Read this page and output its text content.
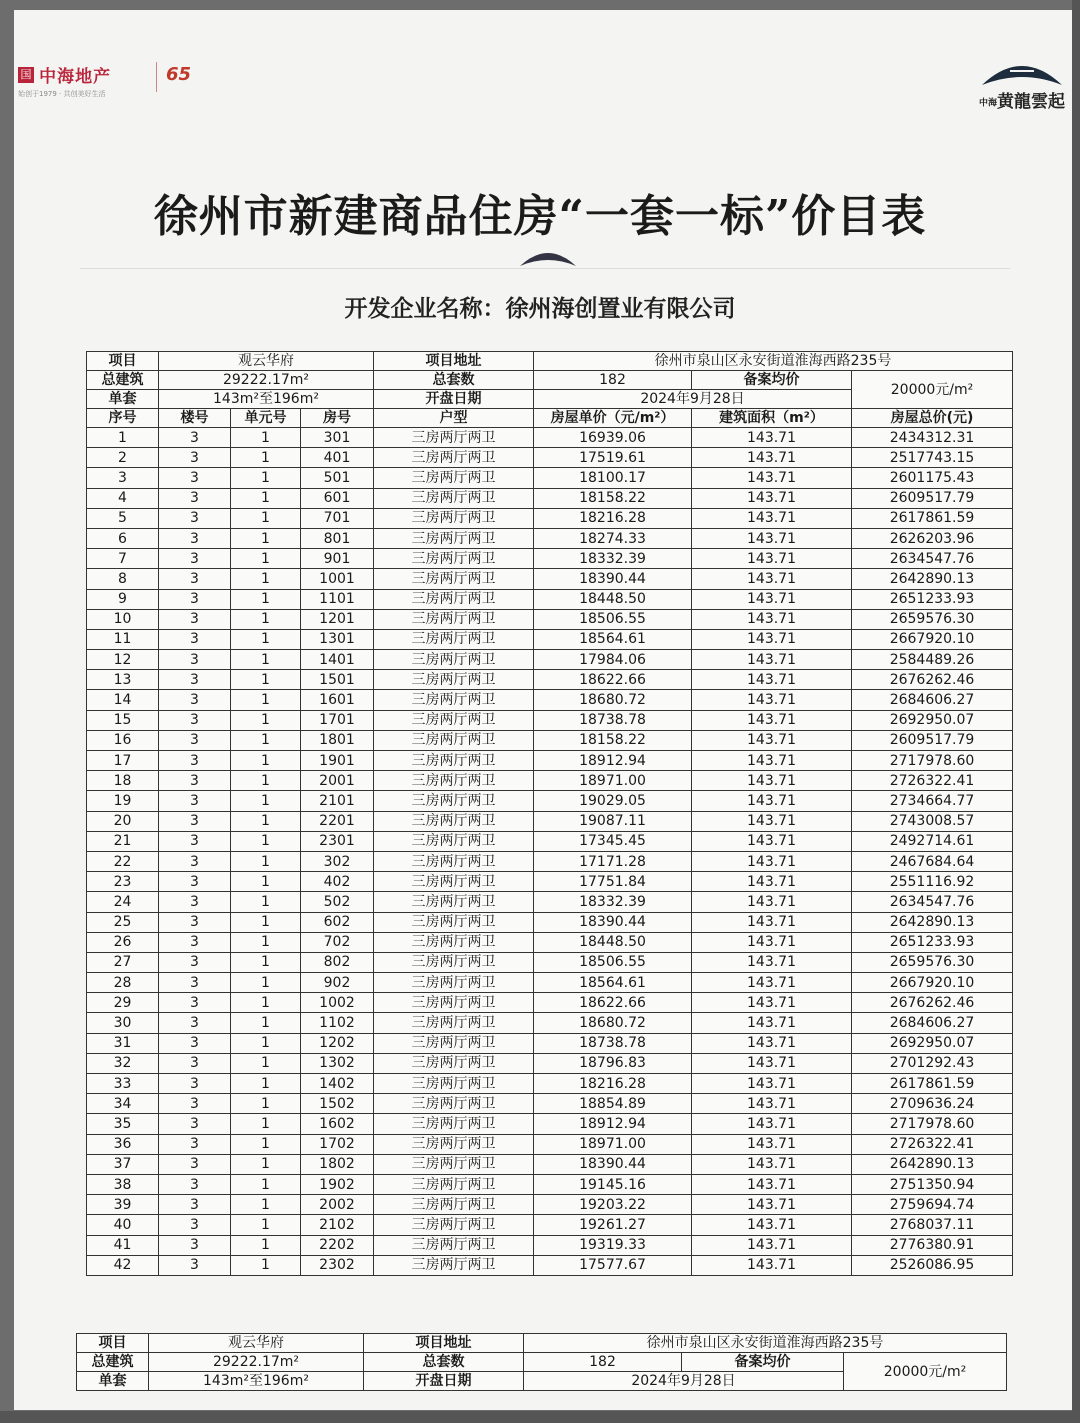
国 中海地产
始创于1979 · 共创美好生活
65
中海黄龍雲起
徐州市新建商品住房“一套一标”价目表
开发企业名称：徐州海创置业有限公司
项目	观云华府			项目地址	徐州市泉山区永安街道淮海西路235号		
总建筑	29222.17m²			总套数	182	备案均价	20000元/m²
单套	143m²至196m²			开盘日期	2024年9月28日		
序号	楼号	单元号	房号	户型	房屋单价（元/m²）	建筑面积（m²）	房屋总价(元)
1	3	1	301	三房两厅两卫	16939.06	143.71	2434312.31
2	3	1	401	三房两厅两卫	17519.61	143.71	2517743.15
3	3	1	501	三房两厅两卫	18100.17	143.71	2601175.43
4	3	1	601	三房两厅两卫	18158.22	143.71	2609517.79
5	3	1	701	三房两厅两卫	18216.28	143.71	2617861.59
6	3	1	801	三房两厅两卫	18274.33	143.71	2626203.96
7	3	1	901	三房两厅两卫	18332.39	143.71	2634547.76
8	3	1	1001	三房两厅两卫	18390.44	143.71	2642890.13
9	3	1	1101	三房两厅两卫	18448.50	143.71	2651233.93
10	3	1	1201	三房两厅两卫	18506.55	143.71	2659576.30
11	3	1	1301	三房两厅两卫	18564.61	143.71	2667920.10
12	3	1	1401	三房两厅两卫	17984.06	143.71	2584489.26
13	3	1	1501	三房两厅两卫	18622.66	143.71	2676262.46
14	3	1	1601	三房两厅两卫	18680.72	143.71	2684606.27
15	3	1	1701	三房两厅两卫	18738.78	143.71	2692950.07
16	3	1	1801	三房两厅两卫	18158.22	143.71	2609517.79
17	3	1	1901	三房两厅两卫	18912.94	143.71	2717978.60
18	3	1	2001	三房两厅两卫	18971.00	143.71	2726322.41
19	3	1	2101	三房两厅两卫	19029.05	143.71	2734664.77
20	3	1	2201	三房两厅两卫	19087.11	143.71	2743008.57
21	3	1	2301	三房两厅两卫	17345.45	143.71	2492714.61
22	3	1	302	三房两厅两卫	17171.28	143.71	2467684.64
23	3	1	402	三房两厅两卫	17751.84	143.71	2551116.92
24	3	1	502	三房两厅两卫	18332.39	143.71	2634547.76
25	3	1	602	三房两厅两卫	18390.44	143.71	2642890.13
26	3	1	702	三房两厅两卫	18448.50	143.71	2651233.93
27	3	1	802	三房两厅两卫	18506.55	143.71	2659576.30
28	3	1	902	三房两厅两卫	18564.61	143.71	2667920.10
29	3	1	1002	三房两厅两卫	18622.66	143.71	2676262.46
30	3	1	1102	三房两厅两卫	18680.72	143.71	2684606.27
31	3	1	1202	三房两厅两卫	18738.78	143.71	2692950.07
32	3	1	1302	三房两厅两卫	18796.83	143.71	2701292.43
33	3	1	1402	三房两厅两卫	18216.28	143.71	2617861.59
34	3	1	1502	三房两厅两卫	18854.89	143.71	2709636.24
35	3	1	1602	三房两厅两卫	18912.94	143.71	2717978.60
36	3	1	1702	三房两厅两卫	18971.00	143.71	2726322.41
37	3	1	1802	三房两厅两卫	18390.44	143.71	2642890.13
38	3	1	1902	三房两厅两卫	19145.16	143.71	2751350.94
39	3	1	2002	三房两厅两卫	19203.22	143.71	2759694.74
40	3	1	2102	三房两厅两卫	19261.27	143.71	2768037.11
41	3	1	2202	三房两厅两卫	19319.33	143.71	2776380.91
42	3	1	2302	三房两厅两卫	17577.67	143.71	2526086.95
项目	观云华府	项目地址	徐州市泉山区永安街道淮海西路235号		
总建筑	29222.17m²	总套数	182	备案均价	20000元/m²
单套	143m²至196m²	开盘日期	2024年9月28日		
